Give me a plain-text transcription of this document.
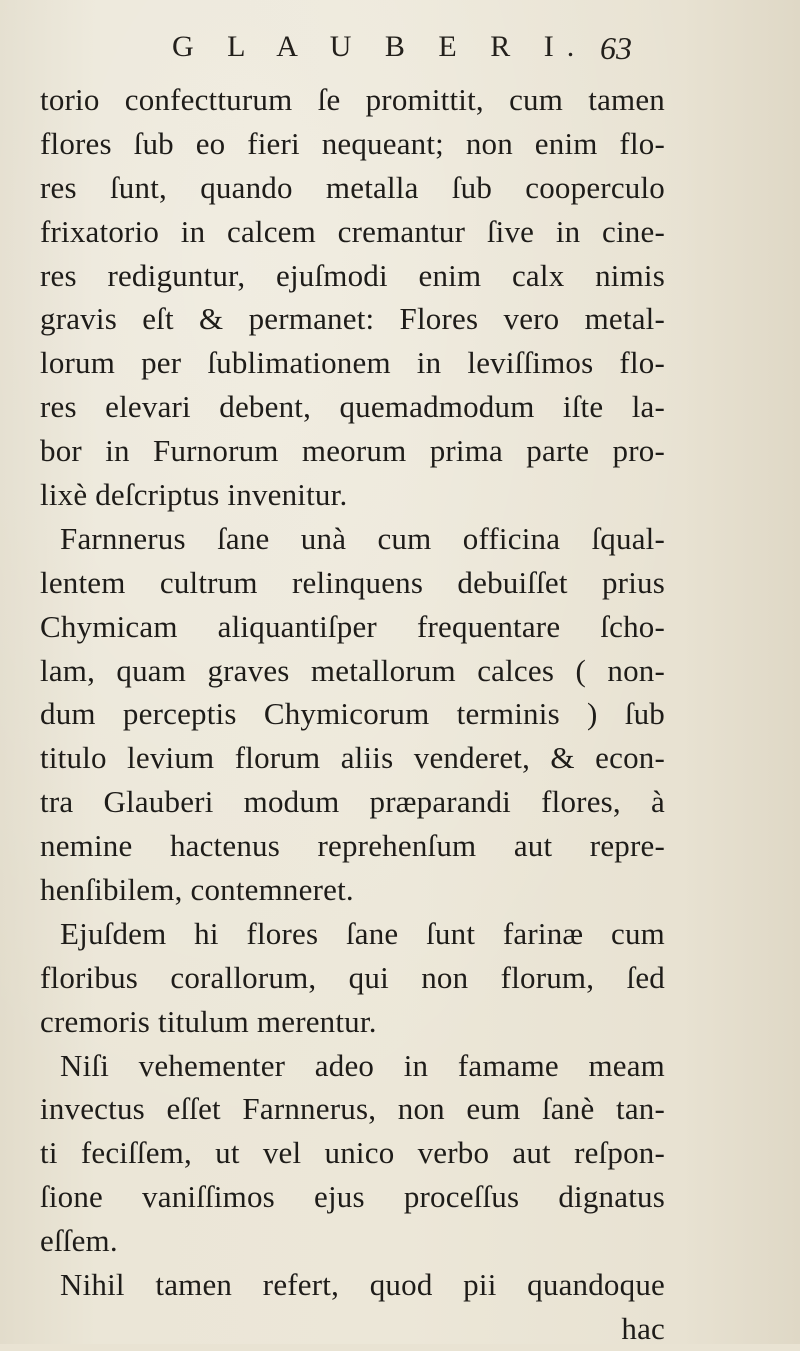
G L A U B E R I. 63
torio confectturum ſe promittit, cum tamen
flores ſub eo fieri nequeant; non enim flo-
res ſunt, quando metalla ſub cooperculo
frixatorio in calcem cremantur ſive in cine-
res rediguntur, ejuſmodi enim calx nimis
gravis eſt & permanet: Flores vero metal-
lorum per ſublimationem in leviſſimos flo-
res elevari debent, quemadmodum iſte la-
bor in Furnorum meorum prima parte pro-
lixè deſcriptus invenitur.
Farnnerus ſane unà cum officina ſqual-
lentem cultrum relinquens debuiſſet prius
Chymicam aliquantiſper frequentare ſcho-
lam, quam graves metallorum calces ( non-
dum perceptis Chymicorum terminis ) ſub
titulo levium florum aliis venderet, & econ-
tra Glauberi modum præparandi flores, à
nemine hactenus reprehenſum aut repre-
henſibilem, contemneret.
Ejuſdem hi flores ſane ſunt farinæ cum
floribus corallorum, qui non florum, ſed
cremoris titulum merentur.
Niſi vehementer adeo in famame meam
invectus eſſet Farnnerus, non eum ſanè tan-
ti feciſſem, ut vel unico verbo aut reſpon-
ſione vaniſſimos ejus proceſſus dignatus
eſſem.
Nihil tamen refert, quod pii quandoque
hac
